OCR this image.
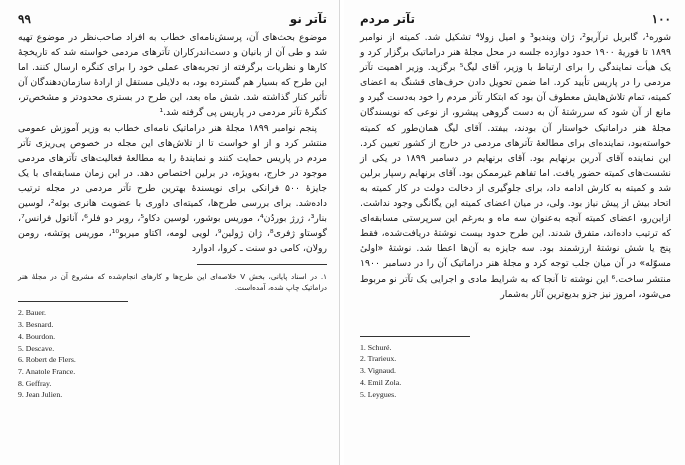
۹۹	تآتر نو

موضوع بحث‌های آن، پرسش‌نامه‌ای خطاب به افراد صاحب‌نظر در موضوع تهیه شد و طی آن از بانیان و دست‌اندرکاران تآترهای مردمی خواسته شد که تاریخچهٔ کارها و نظریات برگرفته از تجربه‌های عملی خود را برای کنگره ارسال کنند. اما این طرح که بسیار هم گسترده بود، به دلایلی مستقل از ارادهٔ سازمان‌دهندگان آن تأثیر کنار گذاشته شد. شش ماه بعد، این طرح در بستری محدودتر و مشخص‌تر، کنگرهٔ تآتر مردمی در پاریس پی گرفته شد.¹

پنجم نوامبر ۱۸۹۹ مجلهٔ هنر دراماتیک نامه‌ای خطاب به وزیر آموزش عمومی منتشر کرد و از او خواست تا از تلاش‌های این مجله در خصوص پی‌ریزی تآتر مردم در پاریس حمایت کنند و نمایندهٔ را به مطالعهٔ فعالیت‌های تآترهای مردمی موجود در خارج، به‌ویژه، در برلین اختصاص دهد. در این زمان مسابقه‌ای با یک جایزهٔ ۵۰۰ فرانکی برای نویسندهٔ بهترین طرح تآتر مردمی در مجله ترتیب داده‌شد. برای بررسی طرح‌ها، کمیته‌ای داوری با عضویت هانری بوئه²، لوسین بنار³، ژرژ بوردُن⁴، موریس بوشور، لوسین دکاو⁵، روبر دو فلر⁶، آناتول فرانس⁷، گوستاو ژفری⁸، ژان ژولین⁹، لویی لومه، اکتاو میربو¹⁰، موریس پوتشه، رومن رولان، کامی دو سنت ـ کروا، ادوارد

۱. در اسناد پایانی، بخش V خلاصه‌ای این طرح‌ها و کارهای انجام‌شده که مشروع آن در مجلهٔ هنر دراماتیک چاپ شده، آمده‌است.
2. Bauer.
3. Besnard.
4. Bourdon.
5. Descave.
6. Robert de Flers.
7. Anatole France.
8. Geffray.
9. Jean Julien.
تآتر مردم	۱۰۰

شوره¹، گابریل ترآریو²، ژان ویندیو³ و امیل زولا⁴ تشکیل شد. کمیته از نوامبر ۱۸۹۹ تا فوریهٔ ۱۹۰۰ حدود دوازده جلسه در محل مجلهٔ هنر دراماتیک برگزار کرد و یک هیأت نمایندگی را برای ارتباط با وزیر، آقای لیگ⁵ برگزید. وزیر اهمیت تآتر مردمی را در پاریس تأیید کرد. اما ضمن تحویل دادن حرف‌های قشنگ به اعضای کمیته، تمام تلاش‌هایش معطوف آن بود که ابتکار تآتر مردم را خود به‌دست گیرد و مانع از آن شود که سررشتهٔ آن به دست گروهی پیشرو، از نوعی که نویسندگان مجلهٔ هنر دراماتیک خواستار آن بودند، بیفتد. آقای لیگ همان‌طور که کمیته خواسته‌بود، نماینده‌ای برای مطالعهٔ تآترهای مردمی در خارج از کشور تعیین کرد. این نماینده آقای آدرین برنهایم بود. آقای برنهایم در دسامبر ۱۸۹۹ در یکی از نشست‌های کمیته حضور یافت. اما تفاهم غیرممکن بود. آقای برنهایم رسپار برلین شد و کمیته به کارش ادامه داد، برای جلوگیری از دخالت دولت در کار کمیته به اتحاد بیش از پیش نیاز بود. ولی، در میان اعضای کمیته این یگانگی وجود نداشت. ازاین‌رو، اعضای کمیته آنچه به‌عنوان سه ماه و به‌رغم این سرپرستی مسابقه‌ای که ترتیب داده‌اند، متفرق شدند. این طرح حدود بیست نوشتهٔ دریافت‌شده، فقط پنج یا شش نوشتهٔ ارزشمند بود. سه جایزه به آن‌ها اعطا شد. نوشتهٔ «اولیٔ مسوّله» در آن میان جلب توجه کرد و مجلهٔ هنر دراماتیک آن را در دسامبر ۱۹۰۰ منتشر ساخت.⁶ این نوشته تا آنجا که به شرایط مادی و اجرایی یک تآتر نو مربوط می‌شود، امروز نیز جزو بدیع‌ترین آثار به‌شمار

1. Schuré.
2. Trarieux.
3. Vignaud.
4. Emil Zola.
5. Leygues.
